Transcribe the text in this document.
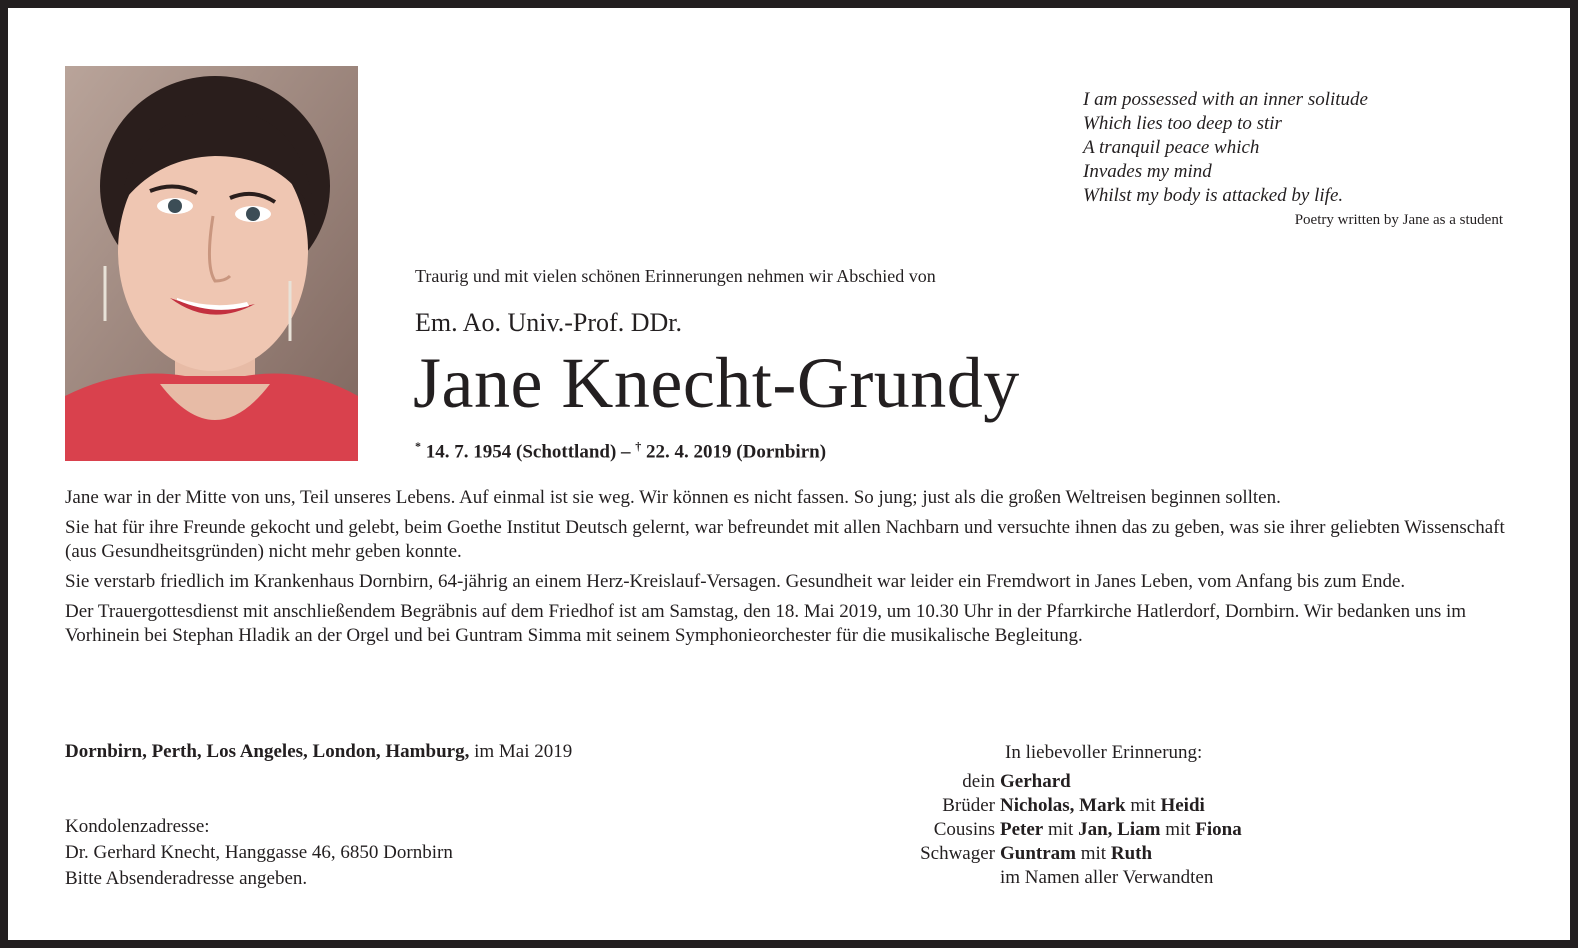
I am possessed with an inner solitude
Which lies too deep to stir
A tranquil peace which
Invades my mind
Whilst my body is attacked by life.
Poetry written by Jane as a student
Traurig und mit vielen schönen Erinnerungen nehmen wir Abschied von
Em. Ao. Univ.-Prof. DDr.
Jane Knecht-Grundy
* 14. 7. 1954 (Schottland) – † 22. 4. 2019 (Dornbirn)

Jane war in der Mitte von uns, Teil unseres Lebens. Auf einmal ist sie weg. Wir können es nicht fassen. So jung; just als die großen Weltreisen beginnen sollten.

Sie hat für ihre Freunde gekocht und gelebt, beim Goethe Institut Deutsch gelernt, war befreundet mit allen Nachbarn und versuchte ihnen das zu geben, was sie ihrer geliebten Wissenschaft (aus Gesundheitsgründen) nicht mehr geben konnte.

Sie verstarb friedlich im Krankenhaus Dornbirn, 64-jährig an einem Herz-Kreislauf-Versagen. Gesundheit war leider ein Fremdwort in Janes Leben, vom Anfang bis zum Ende.

Der Trauergottesdienst mit anschließendem Begräbnis auf dem Friedhof ist am Samstag, den 18. Mai 2019, um 10.30 Uhr in der Pfarrkirche Hatlerdorf, Dornbirn. Wir bedanken uns im Vorhinein bei Stephan Hladik an der Orgel und bei Guntram Simma mit seinem Symphonieorchester für die musikalische Begleitung.

Dornbirn, Perth, Los Angeles, London, Hamburg, im Mai 2019
Kondolenzadresse:
Dr. Gerhard Knecht, Hanggasse 46, 6850 Dornbirn
Bitte Absenderadresse angeben.
In liebevoller Erinnerung:
dein Gerhard
Brüder Nicholas, Mark mit Heidi
Cousins Peter mit Jan, Liam mit Fiona
Schwager Guntram mit Ruth
im Namen aller Verwandten
